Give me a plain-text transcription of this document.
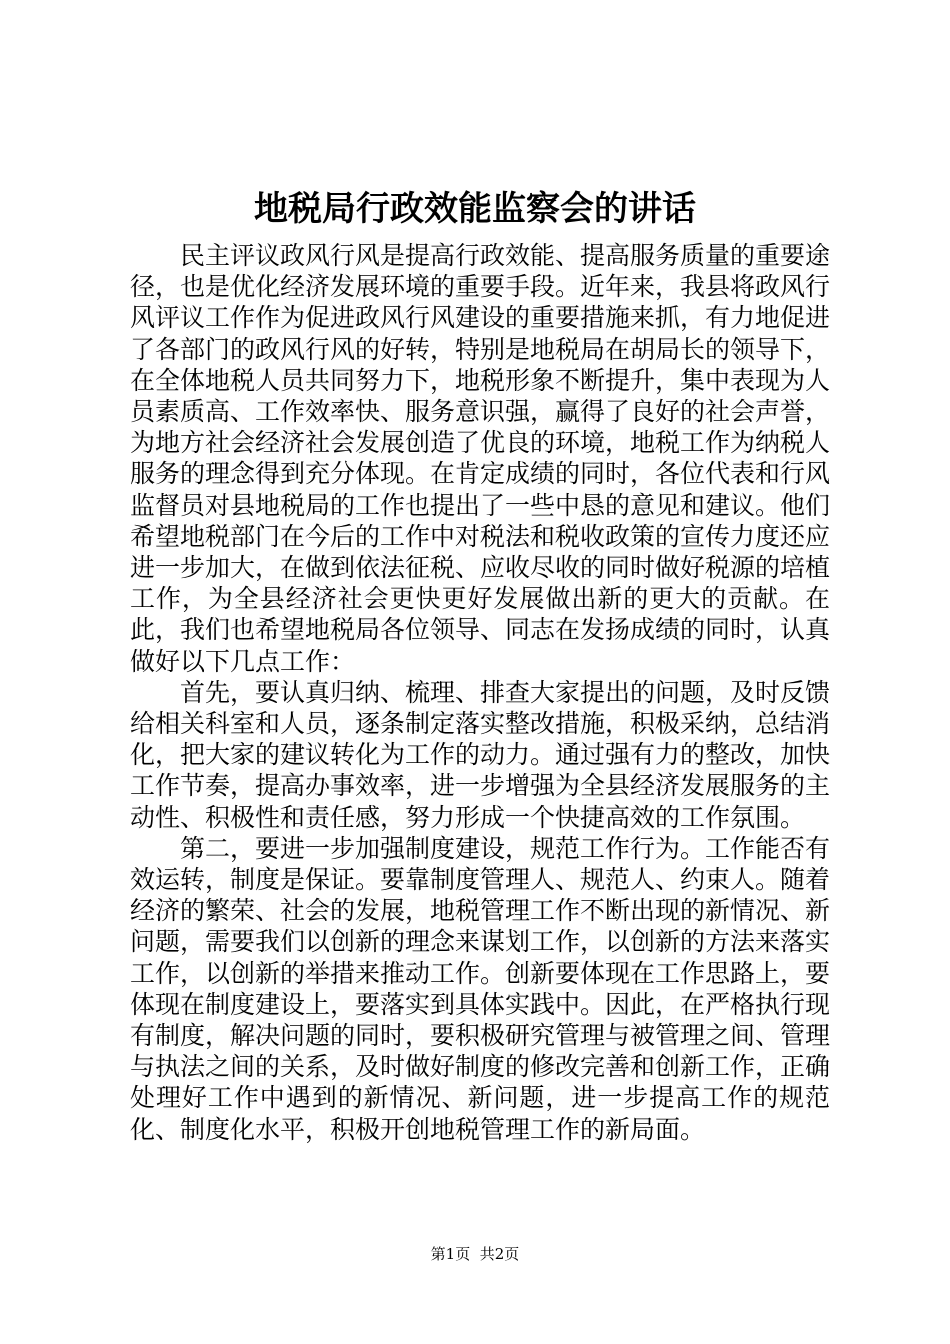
地税局行政效能监察会的讲话

民主评议政风行风是提高行政效能、提高服务质量的重要途径，也是优化经济发展环境的重要手段。近年来，我县将政风行风评议工作作为促进政风行风建设的重要措施来抓，有力地促进了各部门的政风行风的好转，特别是地税局在胡局长的领导下，在全体地税人员共同努力下，地税形象不断提升，集中表现为人员素质高、工作效率快、服务意识强，赢得了良好的社会声誉，为地方社会经济社会发展创造了优良的环境，地税工作为纳税人服务的理念得到充分体现。在肯定成绩的同时，各位代表和行风监督员对县地税局的工作也提出了一些中恳的意见和建议。他们希望地税部门在今后的工作中对税法和税收政策的宣传力度还应进一步加大，在做到依法征税、应收尽收的同时做好税源的培植工作，为全县经济社会更快更好发展做出新的更大的贡献。在此，我们也希望地税局各位领导、同志在发扬成绩的同时，认真做好以下几点工作：

首先，要认真归纳、梳理、排查大家提出的问题，及时反馈给相关科室和人员，逐条制定落实整改措施，积极采纳，总结消化，把大家的建议转化为工作的动力。通过强有力的整改，加快工作节奏，提高办事效率，进一步增强为全县经济发展服务的主动性、积极性和责任感，努力形成一个快捷高效的工作氛围。

第二，要进一步加强制度建设，规范工作行为。工作能否有效运转，制度是保证。要靠制度管理人、规范人、约束人。随着经济的繁荣、社会的发展，地税管理工作不断出现的新情况、新问题，需要我们以创新的理念来谋划工作，以创新的方法来落实工作，以创新的举措来推动工作。创新要体现在工作思路上，要体现在制度建设上，要落实到具体实践中。因此，在严格执行现有制度，解决问题的同时，要积极研究管理与被管理之间、管理与执法之间的关系，及时做好制度的修改完善和创新工作，正确处理好工作中遇到的新情况、新问题，进一步提高工作的规范化、制度化水平，积极开创地税管理工作的新局面。

第1页 共2页
